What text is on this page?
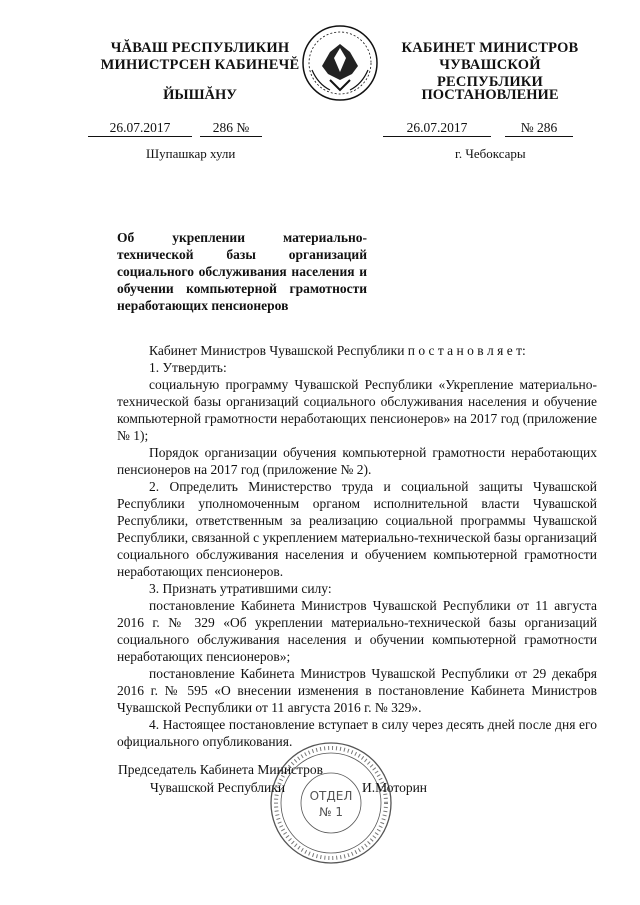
ЧĂВАШ РЕСПУБЛИКИН
МИНИСТРСЕН КАБИНЕЧĔ
ЙЫШĂНУ
КАБИНЕТ МИНИСТРОВ
ЧУВАШСКОЙ РЕСПУБЛИКИ
ПОСТАНОВЛЕНИЕ
26.07.2017	286 №	26.07.2017	№ 286
Шупашкар хули	г. Чебоксары
Об укреплении материально-технической базы организаций социального обслуживания населения и обучении компьютерной грамотности неработающих пенсионеров

Кабинет Министров Чувашской Республики п о с т а н о в л я е т:

1. Утвердить:

социальную программу Чувашской Республики «Укрепление материально-технической базы организаций социального обслуживания населения и обучение компьютерной грамотности неработающих пенсионеров» на 2017 год (приложение № 1);

Порядок организации обучения компьютерной грамотности неработающих пенсионеров на 2017 год (приложение № 2).

2. Определить Министерство труда и социальной защиты Чувашской Республики уполномоченным органом исполнительной власти Чувашской Республики, ответственным за реализацию социальной программы Чувашской Республики, связанной с укреплением материально-технической базы организаций социального обслуживания населения и обучением компьютерной грамотности неработающих пенсионеров.

3. Признать утратившими силу:

постановление Кабинета Министров Чувашской Республики от 11 августа 2016 г. № 329 «Об укреплении материально-технической базы организаций социального обслуживания населения и обучении компьютерной грамотности неработающих пенсионеров»;

постановление Кабинета Министров Чувашской Республики от 29 декабря 2016 г. № 595 «О внесении изменения в постановление Кабинета Министров Чувашской Республики от 11 августа 2016 г. № 329».

4. Настоящее постановление вступает в силу через десять дней после дня его официального опубликования.

ОТДЕЛ
№ 1
Председатель Кабинета Министров
Чувашской Республики	И.Моторин
